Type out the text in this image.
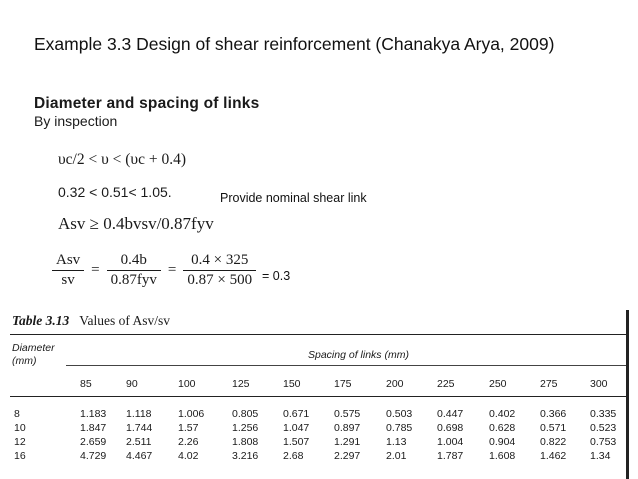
Example 3.3 Design of shear reinforcement (Chanakya Arya, 2009)

Diameter and spacing of links

By inspection

υc/2 < υ < (υc + 0.4)
0.32 < 0.51< 1.05.	Provide nominal shear link
Asv ≥ 0.4bvsv/0.87fyv
$\frac{\text{Asv}}{sv} = \frac{0.4b}{\text{0.87fyv}} = \frac{0.4 \times 325}{0.87 \times 500} = 0.3$
Table 3.13 Values of Asv/sv
Diameter
(mm)	Spacing of links (mm)
85	90	100	125	150	175	200	225	250	275	300
8	1.183 1.118	1.006	0.805 0.671 0.575 0.503 0.447 0.402 0.366 0.335
10	1.847 1.744 1.57	1.256 1.047 0.897 0.785 0.698 0.628 0.571 0.523
12	2.659 2.511	2.26	1.808 1.507 1.291 1.13	1.004 0.904 0.822 0.753
16	4.729 4.467 4.02	3.216 2.68	2.297 2.01	1.787 1.608 1.462 1.34
